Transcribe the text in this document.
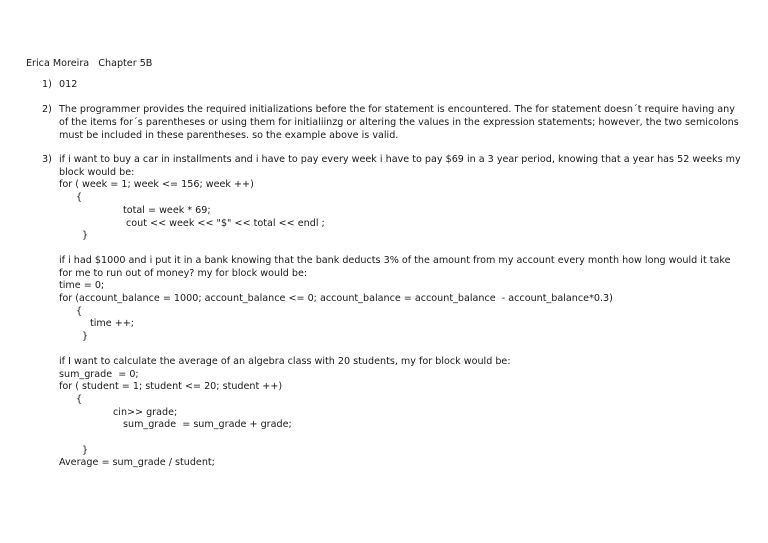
Erica Moreira   Chapter 5B
1) 012
2) The programmer provides the required initializations before the for statement is encountered. The for statement doesn´t require having any of the items for´s parentheses or using them for initialiinzg or altering the values in the expression statements; however, the two semicolons must be included in these parentheses. so the example above is valid.
3) if i want to buy a car in installments and i have to pay every week i have to pay $69 in a 3 year period, knowing that a year has 52 weeks my block would be:
for ( week = 1; week <= 156; week ++)
{
total = week * 69;
cout << week << "$" << total << endl ;
}
if i had $1000 and i put it in a bank knowing that the bank deducts 3% of the amount from my account every month how long would it take for me to run out of money? my for block would be:
time = 0;
for (account_balance = 1000; account_balance <= 0; account_balance = account_balance  - account_balance*0.3)
{
time ++;
}
if I want to calculate the average of an algebra class with 20 students, my for block would be:
sum_grade  = 0;
for ( student = 1; student <= 20; student ++)
{
cin>> grade;
sum_grade  = sum_grade + grade;
}
Average = sum_grade / student;
